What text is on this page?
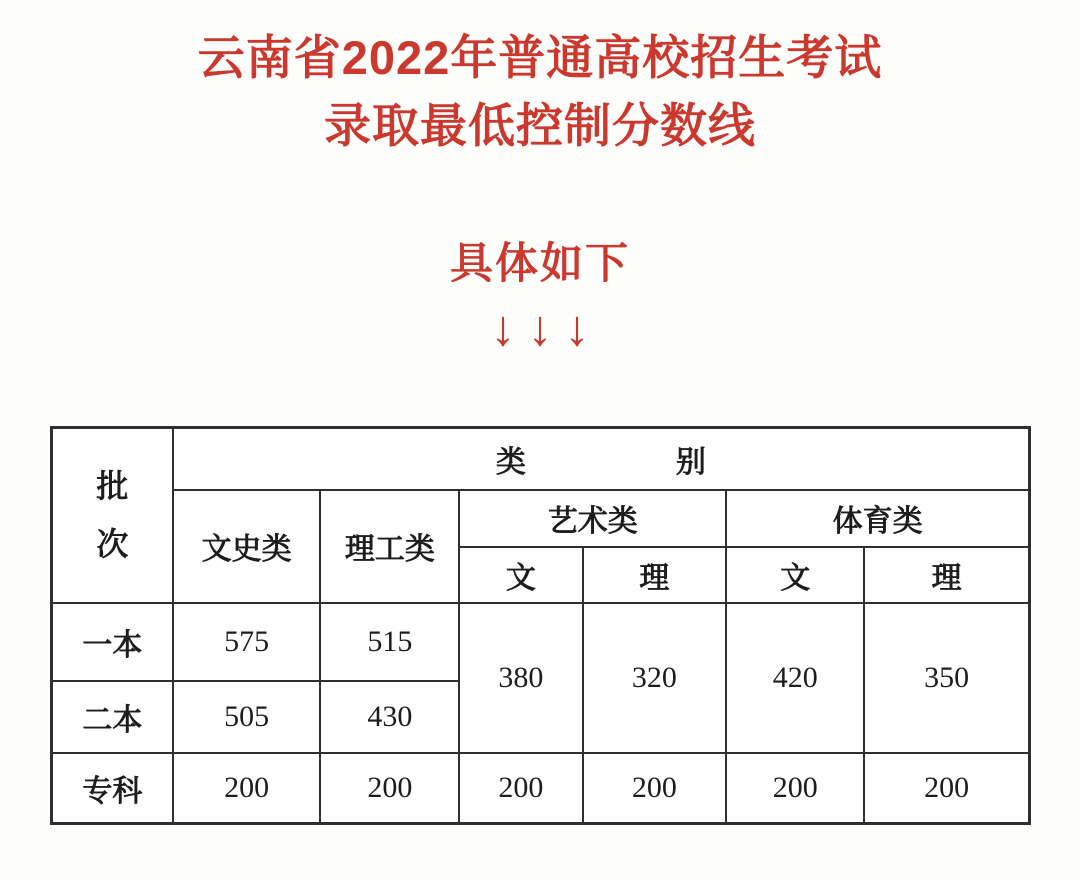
云南省2022年普通高校招生考试
录取最低控制分数线
具体如下
↓↓↓
批
次	类别					
	文史类	理工类	艺术类		体育类	
			文	理	文	理
一本	575	515	380	320	420	350
二本	505	430				
专科	200	200	200	200	200	200
